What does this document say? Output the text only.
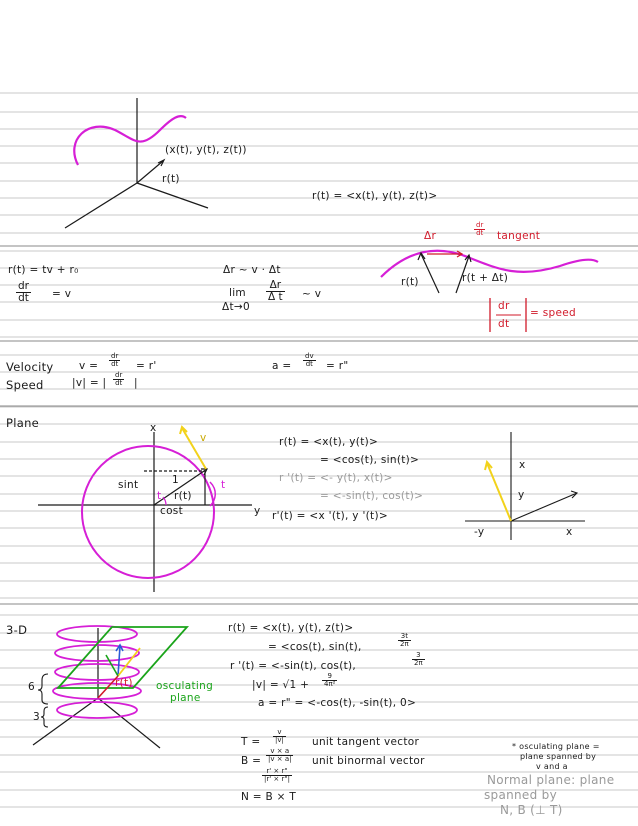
(x(t), y(t), z(t))
r(t)
r(t) = <x(t), y(t), z(t)>
Δr	$\frac{dr}{dt}$ tangent
r(t)	r(t + Δt)
dr
dt
= speed
r(t) = tv + r₀
$\frac{dr}{dt} = v$
Δr ~ v · Δt
lim
Δt→0
$\frac{\Delta r}{\text{Δ t}}$ ~ v
Velocity
Speed
$v = \frac{dr}{dt} = r'$
|v| = | $\frac{dr}{dt}$ |
$a = \frac{dv}{dt} = r$"
Plane	x
y
1
sint
cost
r(t)
t
t
v	r(t) = <x(t), y(t)>
= <cos(t), sin(t)>
r '(t) = <- y(t), x(t)>
= <-sin(t), cos(t)>
r'(t) = <x '(t), y '(t)>
x
y
-y	x
3-D
r(t) osculating
plane
6
3
r(t) = <x(t), y(t), z(t)>
= <cos(t), sin(t),	$\frac{3t}{2\pi}$
r '(t) = <-sin(t), cos(t),	$\frac{3}{2\pi}$
$|v| = √1 + \frac{9}{\text{4π²}}$
a = r" = <-cos(t), -sin(t), 0>
$T = \frac{v}{|v|}$ unit tangent vector
$B = \frac{v \times a}{|v \times a|}$ unit binormal vector
$\frac{r' \times r"}{|r' \times r"|}$
N = B × T
* osculating plane =
plane spanned by
v and a
Normal plane: plane
spanned by
N, B (⊥ T)
